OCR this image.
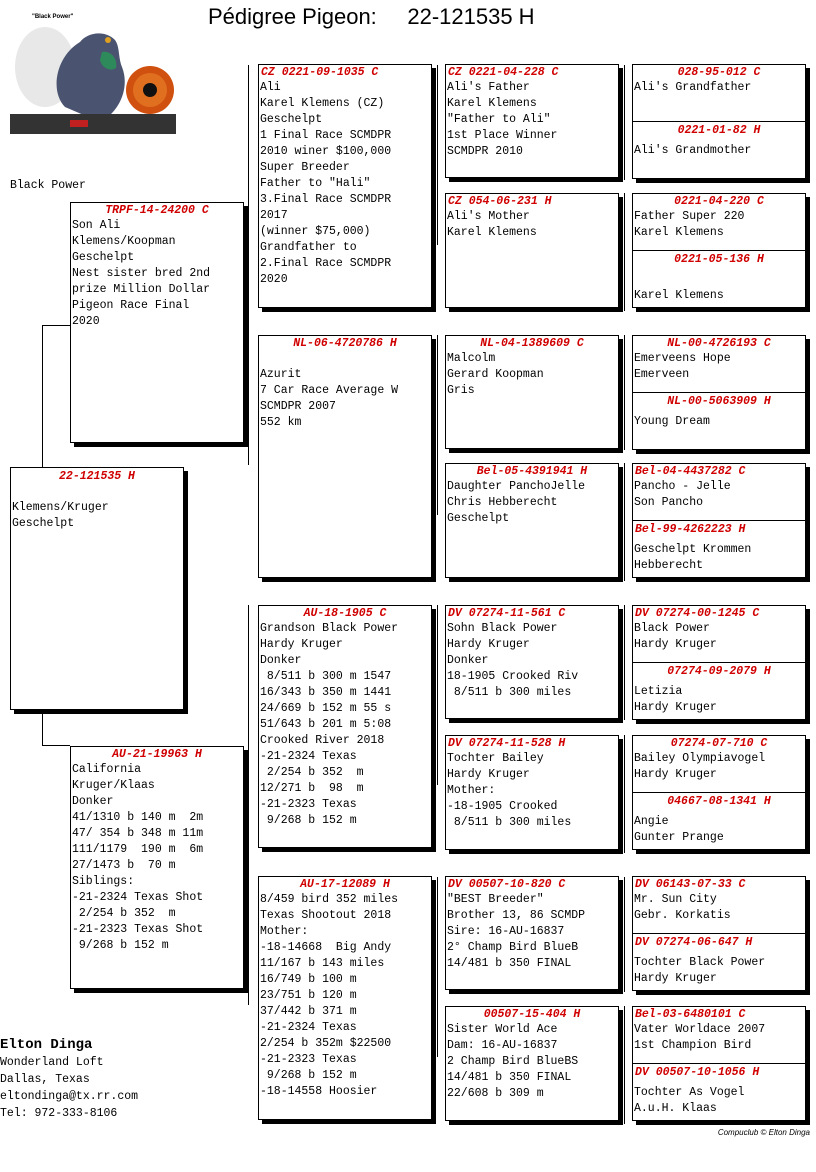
Pédigree Pigeon:     22-121535 H
"Black Power"
Black Power
22-121535 H

Klemens/Kruger
Geschelpt
TRPF-14-24200 C
Son Ali
Klemens/Koopman
Geschelpt
Nest sister bred 2nd
prize Million Dollar
Pigeon Race Final
2020
AU-21-19963 H
California
Kruger/Klaas
Donker
41/1310 b 140 m  2m
47/ 354 b 348 m 11m
111/1179  190 m  6m
27/1473 b  70 m
Siblings:
-21-2324 Texas Shot
2/254 b 352  m
-21-2323 Texas Shot
9/268 b 152 m
CZ 0221-09-1035 C
Ali
Karel Klemens (CZ)
Geschelpt
1 Final Race SCMDPR
2010 winer $100,000
Super Breeder
Father to "Hali"
3.Final Race SCMDPR
2017
(winner $75,000)
Grandfather to
2.Final Race SCMDPR
2020
NL-06-4720786 H

Azurit
7 Car Race Average W
SCMDPR 2007
552 km
AU-18-1905 C
Grandson Black Power
Hardy Kruger
Donker
8/511 b 300 m 1547
16/343 b 350 m 1441
24/669 b 152 m 55 s
51/643 b 201 m 5:08
Crooked River 2018
-21-2324 Texas
2/254 b 352  m
12/271 b  98  m
-21-2323 Texas
9/268 b 152 m
AU-17-12089 H
8/459 bird 352 miles
Texas Shootout 2018
Mother:
-18-14668  Big Andy
11/167 b 143 miles
16/749 b 100 m
23/751 b 120 m
37/442 b 371 m
-21-2324 Texas
2/254 b 352m $22500
-21-2323 Texas
9/268 b 152 m
-18-14558 Hoosier
CZ 0221-04-228 C
Ali's Father
Karel Klemens
"Father to Ali"
1st Place Winner
SCMDPR 2010
CZ 054-06-231 H
Ali's Mother
Karel Klemens
NL-04-1389609 C
Malcolm
Gerard Koopman
Gris
Bel-05-4391941 H
Daughter PanchoJelle
Chris Hebberecht
Geschelpt
DV 07274-11-561 C
Sohn Black Power
Hardy Kruger
Donker
18-1905 Crooked Riv
8/511 b 300 miles
DV 07274-11-528 H
Tochter Bailey
Hardy Kruger
Mother:
-18-1905 Crooked
8/511 b 300 miles
DV 00507-10-820 C
"BEST Breeder"
Brother 13, 86 SCMDP
Sire: 16-AU-16837
2° Champ Bird BlueB
14/481 b 350 FINAL
00507-15-404 H
Sister World Ace
Dam: 16-AU-16837
2 Champ Bird BlueBS
14/481 b 350 FINAL
22/608 b 309 m
028-95-012 C
Ali's Grandfather
0221-01-82 H
Ali's Grandmother
0221-04-220 C
Father Super 220
Karel Klemens
0221-05-136 H

Karel Klemens
NL-00-4726193 C
Emerveens Hope
Emerveen
NL-00-5063909 H
Young Dream
Bel-04-4437282 C
Pancho - Jelle
Son Pancho
Bel-99-4262223 H
Geschelpt Krommen
Hebberecht
DV 07274-00-1245 C
Black Power
Hardy Kruger
07274-09-2079 H
Letizia
Hardy Kruger
07274-07-710 C
Bailey Olympiavogel
Hardy Kruger
04667-08-1341 H
Angie
Gunter Prange
DV 06143-07-33 C
Mr. Sun City
Gebr. Korkatis
DV 07274-06-647 H
Tochter Black Power
Hardy Kruger
Bel-03-6480101 C
Vater Worldace 2007
1st Champion Bird
DV 00507-10-1056 H
Tochter As Vogel
A.u.H. Klaas
Elton Dinga
Wonderland Loft
Dallas, Texas
eltondinga@tx.rr.com
Tel: 972-333-8106
Compuclub © Elton Dinga
